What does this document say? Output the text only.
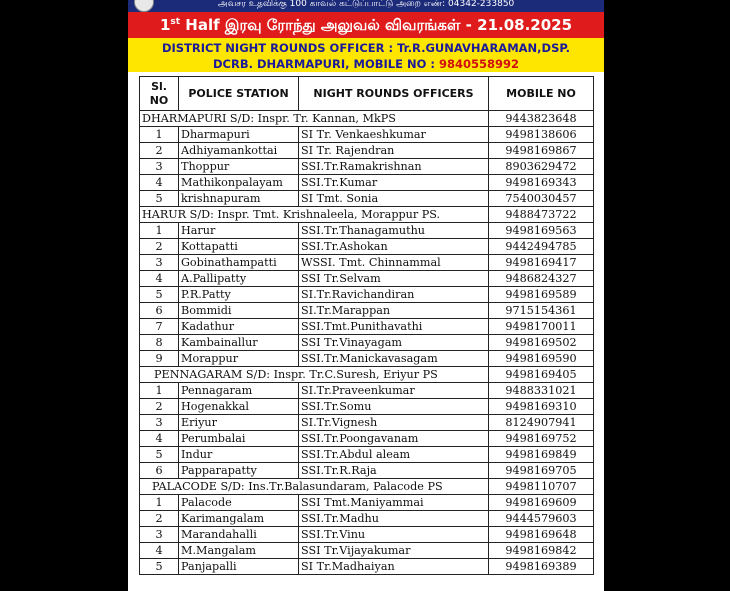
அவசர உதவிக்கு 100 காவல் கட்டுப்பாட்டு அறை எண்: 04342-233850
1st Half இரவு ரோந்து அலுவல் விவரங்கள் - 21.08.2025
DISTRICT NIGHT ROUNDS OFFICER : Tr.R.GUNAVHARAMAN,DSP.
DCRB. DHARMAPURI, MOBILE NO : 9840558992
Sl. NO	POLICE STATION	NIGHT ROUNDS OFFICERS	MOBILE NO
DHARMAPURI S/D: Inspr. Tr. Kannan, MkPS			9443823648
1	Dharmapuri	SI Tr. Venkaeshkumar	9498138606
2	Adhiyamankottai	SI Tr. Rajendran	9498169867
3	Thoppur	SSI.Tr.Ramakrishnan	8903629472
4	Mathikonpalayam	SSI.Tr.Kumar	9498169343
5	krishnapuram	SI Tmt. Sonia	7540030457
HARUR S/D: Inspr. Tmt. Krishnaleela, Morappur PS.			9488473722
1	Harur	SSI.Tr.Thanagamuthu	9498169563
2	Kottapatti	SSI.Tr.Ashokan	9442494785
3	Gobinathampatti	WSSI. Tmt. Chinnammal	9498169417
4	A.Pallipatty	SSI Tr.Selvam	9486824327
5	P.R.Patty	SI.Tr.Ravichandiran	9498169589
6	Bommidi	SI.Tr.Marappan	9715154361
7	Kadathur	SSI.Tmt.Punithavathi	9498170011
8	Kambainallur	SSI Tr.Vinayagam	9498169502
9	Morappur	SSI.Tr.Manickavasagam	9498169590
PENNAGARAM S/D: Inspr. Tr.C.Suresh, Eriyur PS			9498169405
1	Pennagaram	SI.Tr.Praveenkumar	9488331021
2	Hogenakkal	SSI.Tr.Somu	9498169310
3	Eriyur	SI.Tr.Vignesh	8124907941
4	Perumbalai	SSI.Tr.Poongavanam	9498169752
5	Indur	SSI.Tr.Abdul aleam	9498169849
6	Papparapatty	SSI.Tr.R.Raja	9498169705
PALACODE S/D: Ins.Tr.Balasundaram, Palacode PS			9498110707
1	Palacode	SSI Tmt.Maniyammai	9498169609
2	Karimangalam	SSI.Tr.Madhu	9444579603
3	Marandahalli	SSI.Tr.Vinu	9498169648
4	M.Mangalam	SSI Tr.Vijayakumar	9498169842
5	Panjapalli	SI Tr.Madhaiyan	9498169389
